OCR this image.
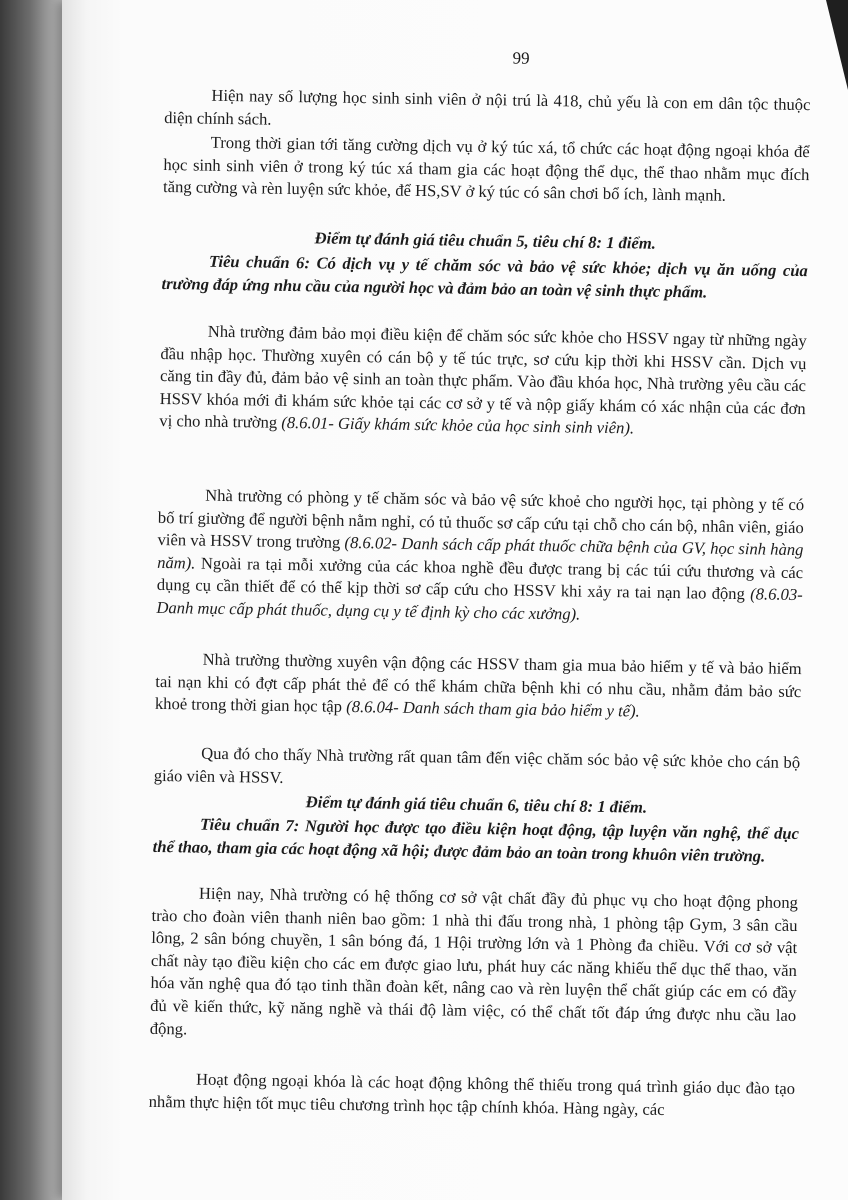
99

Hiện nay số lượng học sinh sinh viên ở nội trú là 418, chủ yếu là con em dân tộc thuộc diện chính sách.

Trong thời gian tới tăng cường dịch vụ ở ký túc xá, tổ chức các hoạt động ngoại khóa để học sinh sinh viên ở trong ký túc xá tham gia các hoạt động thể dục, thể thao nhằm mục đích tăng cường và rèn luyện sức khỏe, để HS,SV ở ký túc có sân chơi bổ ích, lành mạnh.

Điểm tự đánh giá tiêu chuẩn 5, tiêu chí 8: 1 điểm.

Tiêu chuẩn 6: Có dịch vụ y tế chăm sóc và bảo vệ sức khỏe; dịch vụ ăn uống của trường đáp ứng nhu cầu của người học và đảm bảo an toàn vệ sinh thực phẩm.

Nhà trường đảm bảo mọi điều kiện để chăm sóc sức khỏe cho HSSV ngay từ những ngày đầu nhập học. Thường xuyên có cán bộ y tế túc trực, sơ cứu kịp thời khi HSSV cần. Dịch vụ căng tin đầy đủ, đảm bảo vệ sinh an toàn thực phẩm. Vào đầu khóa học, Nhà trường yêu cầu các HSSV khóa mới đi khám sức khỏe tại các cơ sở y tế và nộp giấy khám có xác nhận của các đơn vị cho nhà trường (8.6.01- Giấy khám sức khỏe của học sinh sinh viên).

Nhà trường có phòng y tế chăm sóc và bảo vệ sức khoẻ cho người học, tại phòng y tế có bố trí giường để người bệnh nằm nghỉ, có tủ thuốc sơ cấp cứu tại chỗ cho cán bộ, nhân viên, giáo viên và HSSV trong trường (8.6.02- Danh sách cấp phát thuốc chữa bệnh của GV, học sinh hàng năm). Ngoài ra tại mỗi xưởng của các khoa nghề đều được trang bị các túi cứu thương và các dụng cụ cần thiết để có thể kịp thời sơ cấp cứu cho HSSV khi xảy ra tai nạn lao động (8.6.03- Danh mục cấp phát thuốc, dụng cụ y tế định kỳ cho các xưởng).

Nhà trường thường xuyên vận động các HSSV tham gia mua bảo hiểm y tế và bảo hiểm tai nạn khi có đợt cấp phát thẻ để có thể khám chữa bệnh khi có nhu cầu, nhằm đảm bảo sức khoẻ trong thời gian học tập (8.6.04- Danh sách tham gia bảo hiểm y tế).

Qua đó cho thấy Nhà trường rất quan tâm đến việc chăm sóc bảo vệ sức khỏe cho cán bộ giáo viên và HSSV.

Điểm tự đánh giá tiêu chuẩn 6, tiêu chí 8: 1 điểm.

Tiêu chuẩn 7: Người học được tạo điều kiện hoạt động, tập luyện văn nghệ, thể dục thể thao, tham gia các hoạt động xã hội; được đảm bảo an toàn trong khuôn viên trường.

Hiện nay, Nhà trường có hệ thống cơ sở vật chất đầy đủ phục vụ cho hoạt động phong trào cho đoàn viên thanh niên bao gồm: 1 nhà thi đấu trong nhà, 1 phòng tập Gym, 3 sân cầu lông, 2 sân bóng chuyền, 1 sân bóng đá, 1 Hội trường lớn và 1 Phòng đa chiều. Với cơ sở vật chất này tạo điều kiện cho các em được giao lưu, phát huy các năng khiếu thể dục thể thao, văn hóa văn nghệ qua đó tạo tinh thần đoàn kết, nâng cao và rèn luyện thể chất giúp các em có đầy đủ về kiến thức, kỹ năng nghề và thái độ làm việc, có thể chất tốt đáp ứng được nhu cầu lao động.

Hoạt động ngoại khóa là các hoạt động không thể thiếu trong quá trình giáo dục đào tạo nhằm thực hiện tốt mục tiêu chương trình học tập chính khóa. Hàng ngày, các
